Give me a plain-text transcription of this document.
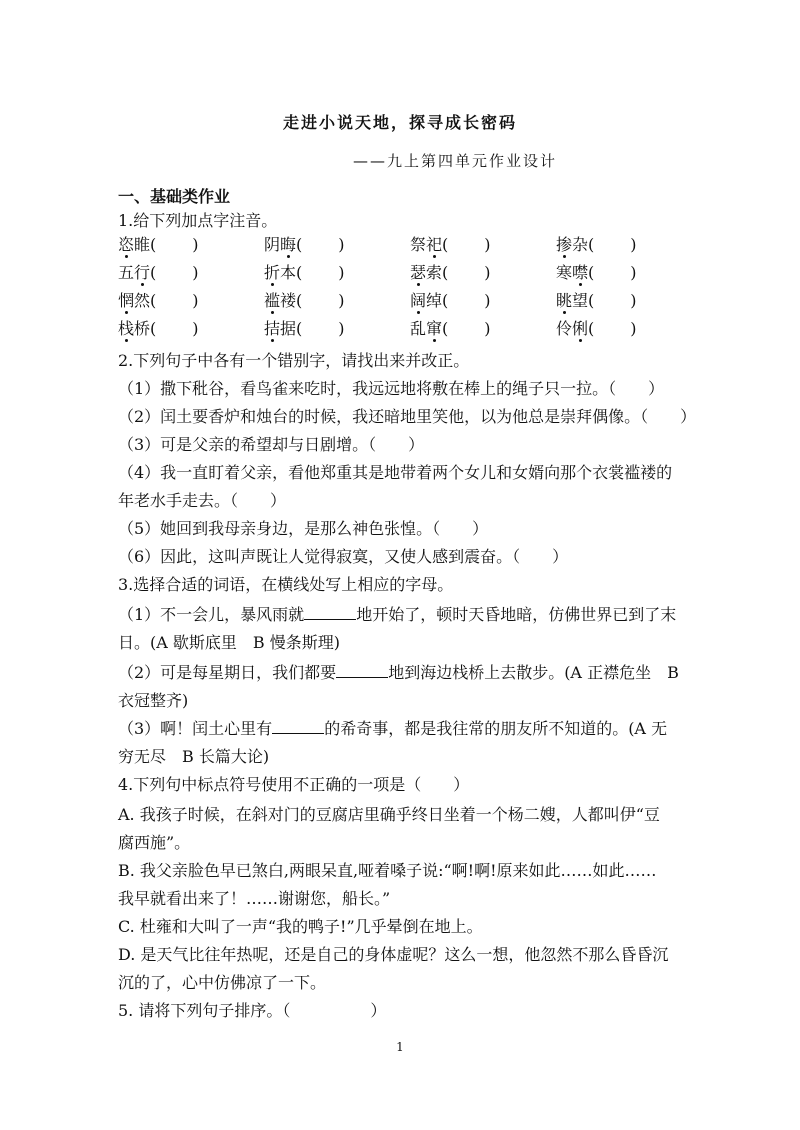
走进小说天地，探寻成长密码
——九上第四单元作业设计
一、基础类作业
1.给下列加点字注音。
恣睢( )	阴晦( )	祭祀( )	掺杂( )
五行( )	折本( )	瑟索( )	寒噤( )
惘然( )	褴褛( )	阔绰( )	眺望( )
栈桥( )	拮据( )	乱窜( )	伶俐( )
2.下列句子中各有一个错别字，请找出来并改正。
（1）撒下秕谷，看鸟雀来吃时，我远远地将敷在棒上的绳子只一拉。（　　）
（2）闰土要香炉和烛台的时候，我还暗地里笑他，以为他总是崇拜偶像。（　　）
（3）可是父亲的希望却与日剧增。（　　）
（4）我一直盯着父亲，看他郑重其是地带着两个女儿和女婿向那个衣裳褴褛的
年老水手走去。（　　）
（5）她回到我母亲身边，是那么神色张惶。（　　）
（6）因此，这叫声既让人觉得寂寞，又使人感到震奋。（　　）
3.选择合适的词语，在横线处写上相应的字母。
（1）不一会儿，暴风雨就	地开始了，顿时天昏地暗，仿佛世界已到了末
日。(A 歇斯底里　B 慢条斯理)
（2）可是每星期日，我们都要	地到海边栈桥上去散步。(A 正襟危坐　B
衣冠整齐)
（3）啊！闰土心里有	的希奇事，都是我往常的朋友所不知道的。(A 无
穷无尽　B 长篇大论)
4.下列句中标点符号使用不正确的一项是（　　）
A. 我孩子时候，在斜对门的豆腐店里确乎终日坐着一个杨二嫂，人都叫伊“豆
腐西施”。
B. 我父亲脸色早已煞白,两眼呆直,哑着嗓子说:“啊!啊!原来如此……如此……
我早就看出来了！……谢谢您，船长。”
C. 杜雍和大叫了一声“我的鸭子!”几乎晕倒在地上。
D. 是天气比往年热呢，还是自己的身体虚呢？这么一想，他忽然不那么昏昏沉
沉的了，心中仿佛凉了一下。
5. 请将下列句子排序。（　　　　　）
1
